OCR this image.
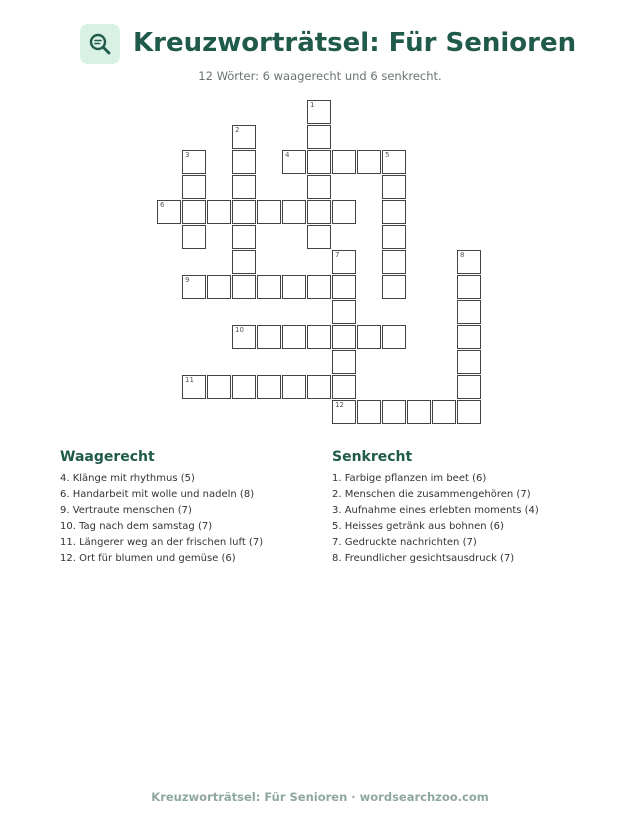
Kreuzworträtsel: Für Senioren
12 Wörter: 6 waagerecht und 6 senkrecht.
1
2
3	4	5
6
7
12
8
9
10
11
Waagerecht
4. Klänge mit rhythmus (5)
6. Handarbeit mit wolle und nadeln (8)
9. Vertraute menschen (7)
10. Tag nach dem samstag (7)
11. Längerer weg an der frischen luft (7)
12. Ort für blumen und gemüse (6)
Senkrecht
1. Farbige pflanzen im beet (6)
2. Menschen die zusammengehören (7)
3. Aufnahme eines erlebten moments (4)
5. Heisses getränk aus bohnen (6)
7. Gedruckte nachrichten (7)
8. Freundlicher gesichtsausdruck (7)
Kreuzworträtsel: Für Senioren · wordsearchzoo.com
